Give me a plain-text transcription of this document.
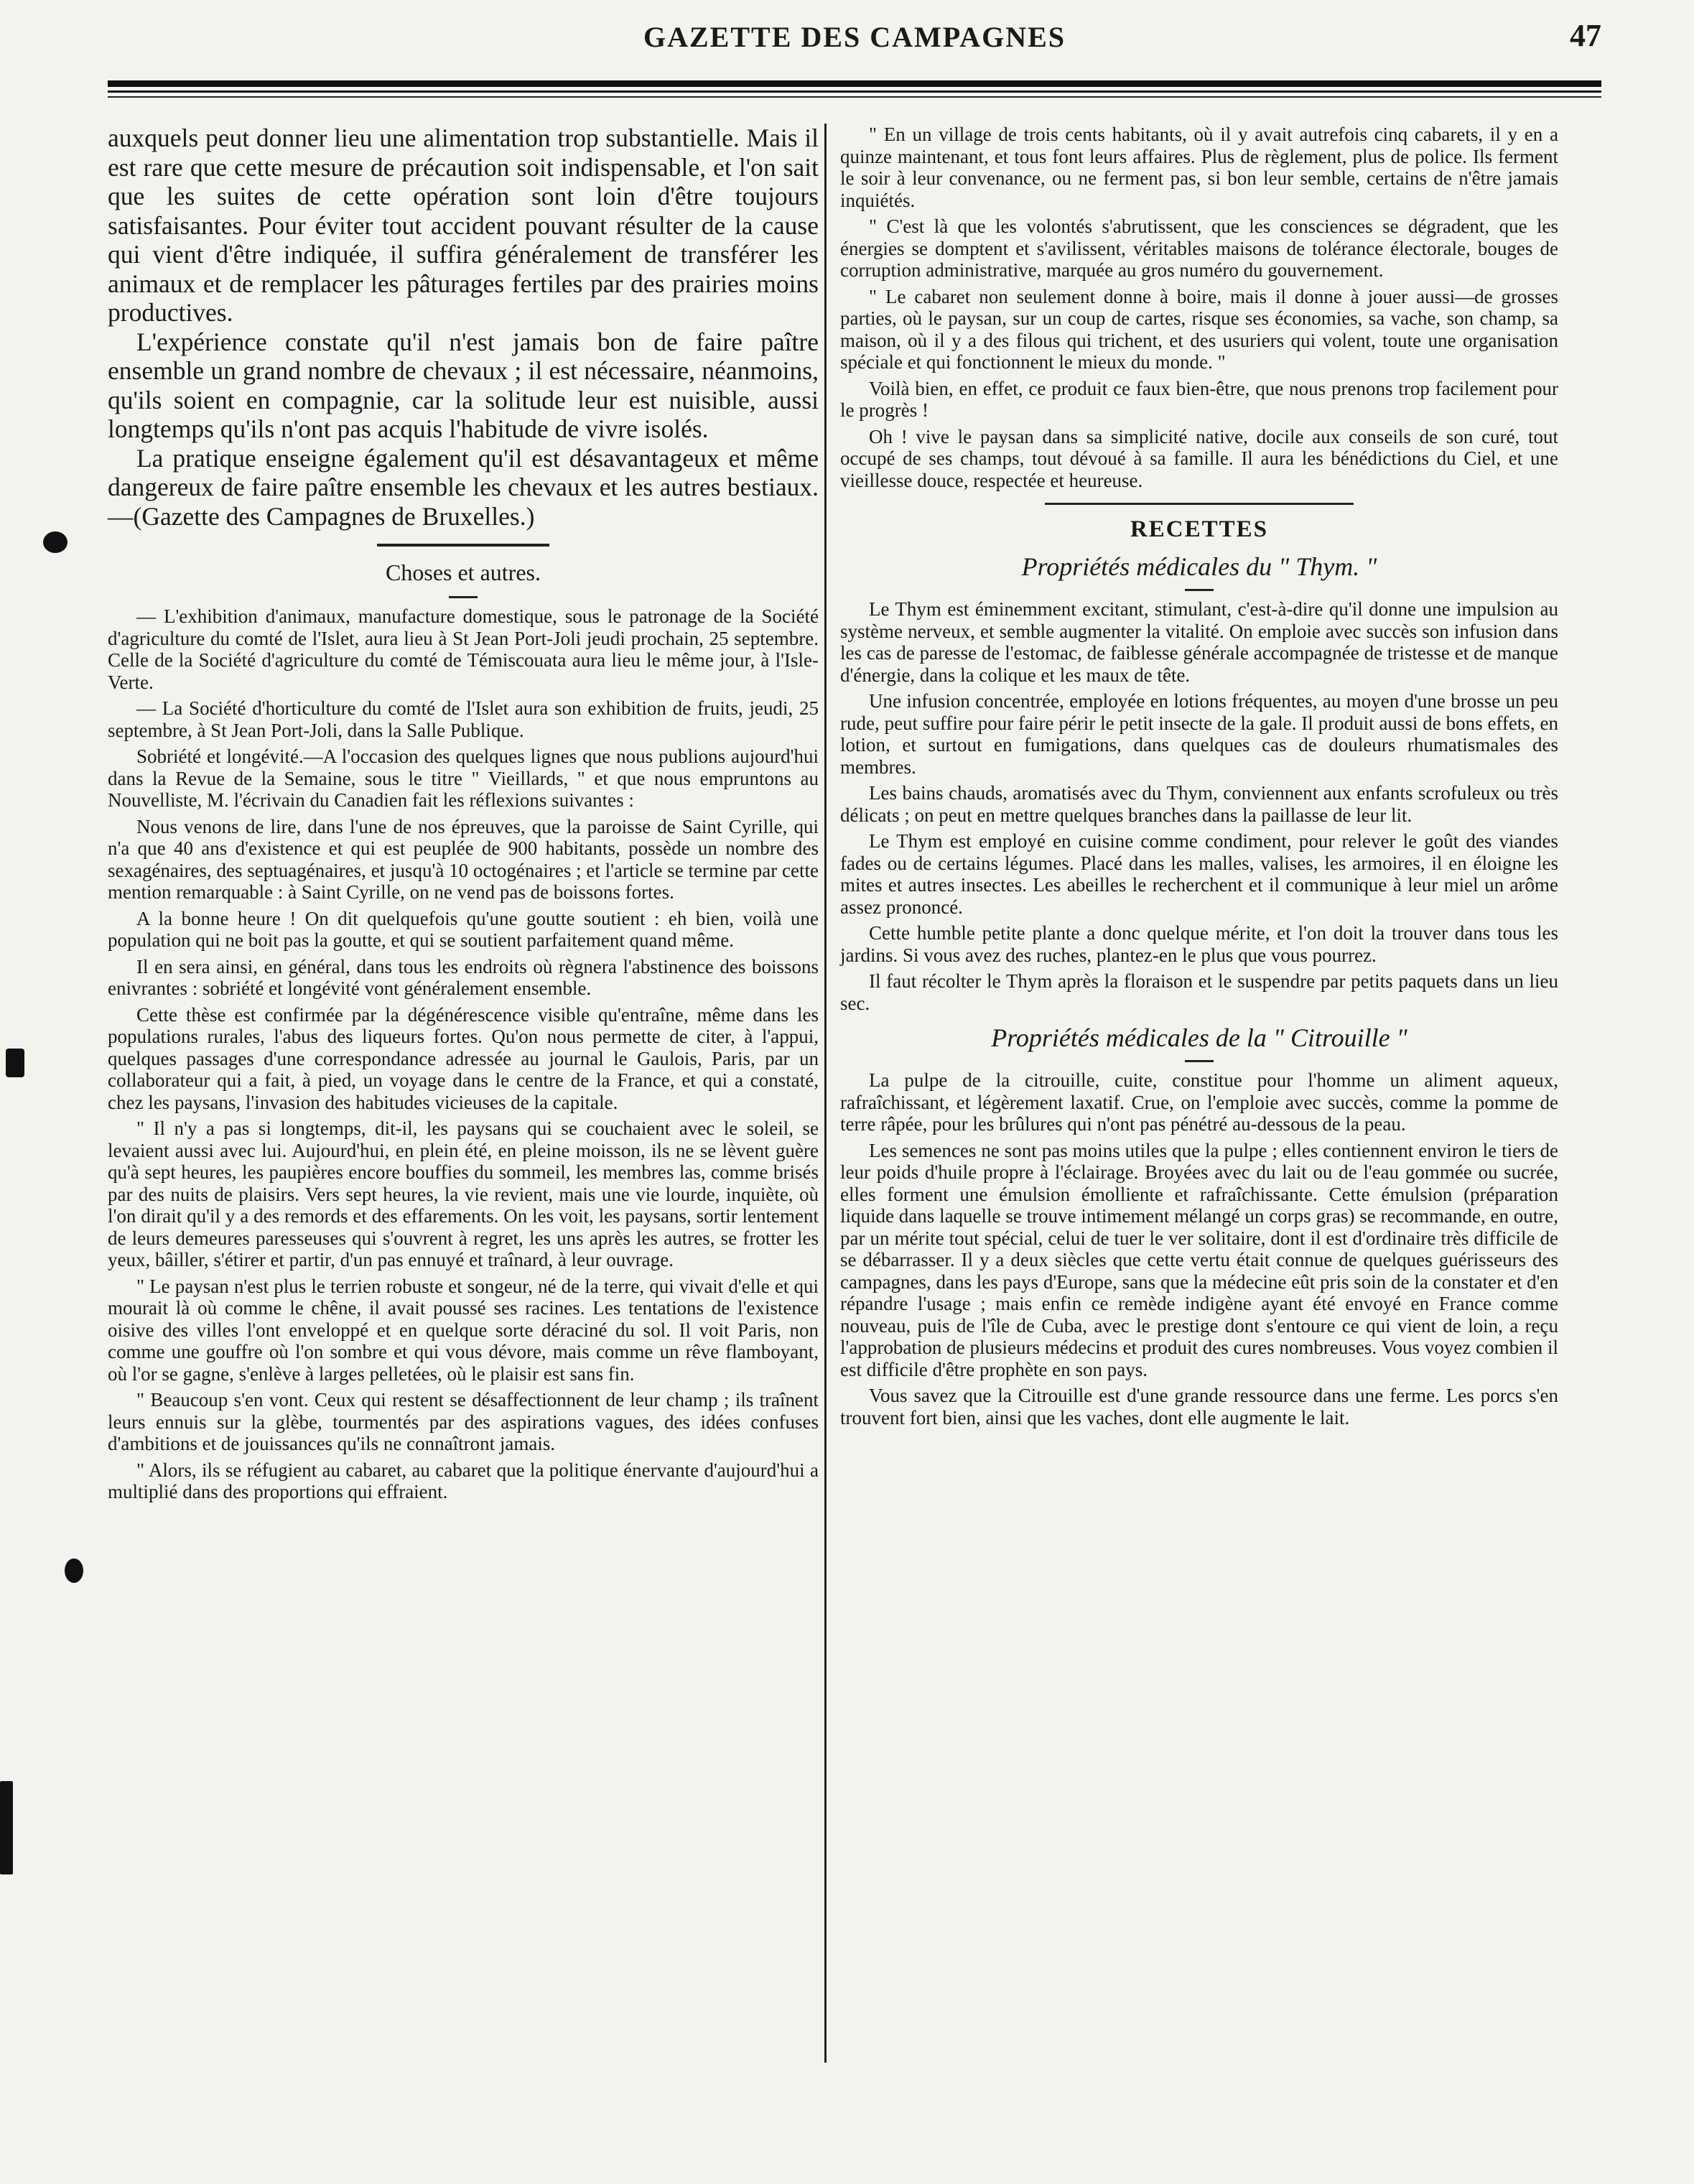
GAZETTE DES CAMPAGNES	47

auxquels peut donner lieu une alimentation trop substantielle. Mais il est rare que cette mesure de précaution soit indispensable, et l'on sait que les suites de cette opération sont loin d'être toujours satisfaisantes. Pour éviter tout accident pouvant résulter de la cause qui vient d'être indiquée, il suffira généralement de transférer les animaux et de remplacer les pâturages fertiles par des prairies moins productives.

L'expérience constate qu'il n'est jamais bon de faire paître ensemble un grand nombre de chevaux ; il est nécessaire, néanmoins, qu'ils soient en compagnie, car la solitude leur est nuisible, aussi longtemps qu'ils n'ont pas acquis l'habitude de vivre isolés.

La pratique enseigne également qu'il est désavantageux et même dangereux de faire paître ensemble les chevaux et les autres bestiaux.—(Gazette des Campagnes de Bruxelles.)

Choses et autres.

— L'exhibition d'animaux, manufacture domestique, sous le patronage de la Société d'agriculture du comté de l'Islet, aura lieu à St Jean Port-Joli jeudi prochain, 25 septembre. Celle de la Société d'agriculture du comté de Témiscouata aura lieu le même jour, à l'Isle-Verte.

— La Société d'horticulture du comté de l'Islet aura son exhibition de fruits, jeudi, 25 septembre, à St Jean Port-Joli, dans la Salle Publique.

Sobriété et longévité.—A l'occasion des quelques lignes que nous publions aujourd'hui dans la Revue de la Semaine, sous le titre " Vieillards, " et que nous empruntons au Nouvelliste, M. l'écrivain du Canadien fait les réflexions suivantes :

Nous venons de lire, dans l'une de nos épreuves, que la paroisse de Saint Cyrille, qui n'a que 40 ans d'existence et qui est peuplée de 900 habitants, possède un nombre des sexagénaires, des septuagénaires, et jusqu'à 10 octogénaires ; et l'article se termine par cette mention remarquable : à Saint Cyrille, on ne vend pas de boissons fortes.

A la bonne heure ! On dit quelquefois qu'une goutte soutient : eh bien, voilà une population qui ne boit pas la goutte, et qui se soutient parfaitement quand même.

Il en sera ainsi, en général, dans tous les endroits où règnera l'abstinence des boissons enivrantes : sobriété et longévité vont généralement ensemble.

Cette thèse est confirmée par la dégénérescence visible qu'entraîne, même dans les populations rurales, l'abus des liqueurs fortes. Qu'on nous permette de citer, à l'appui, quelques passages d'une correspondance adressée au journal le Gaulois, Paris, par un collaborateur qui a fait, à pied, un voyage dans le centre de la France, et qui a constaté, chez les paysans, l'invasion des habitudes vicieuses de la capitale.

" Il n'y a pas si longtemps, dit-il, les paysans qui se couchaient avec le soleil, se levaient aussi avec lui. Aujourd'hui, en plein été, en pleine moisson, ils ne se lèvent guère qu'à sept heures, les paupières encore bouffies du sommeil, les membres las, comme brisés par des nuits de plaisirs. Vers sept heures, la vie revient, mais une vie lourde, inquiète, où l'on dirait qu'il y a des remords et des effarements. On les voit, les paysans, sortir lentement de leurs demeures paresseuses qui s'ouvrent à regret, les uns après les autres, se frotter les yeux, bâiller, s'étirer et partir, d'un pas ennuyé et traînard, à leur ouvrage.

" Le paysan n'est plus le terrien robuste et songeur, né de la terre, qui vivait d'elle et qui mourait là où comme le chêne, il avait poussé ses racines. Les tentations de l'existence oisive des villes l'ont enveloppé et en quelque sorte déraciné du sol. Il voit Paris, non comme une gouffre où l'on sombre et qui vous dévore, mais comme un rêve flamboyant, où l'or se gagne, s'enlève à larges pelletées, où le plaisir est sans fin.

" Beaucoup s'en vont. Ceux qui restent se désaffectionnent de leur champ ; ils traînent leurs ennuis sur la glèbe, tourmentés par des aspirations vagues, des idées confuses d'ambitions et de jouissances qu'ils ne connaîtront jamais.

" Alors, ils se réfugient au cabaret, au cabaret que la politique énervante d'aujourd'hui a multiplié dans des proportions qui effraient.

" En un village de trois cents habitants, où il y avait autrefois cinq cabarets, il y en a quinze maintenant, et tous font leurs affaires. Plus de règlement, plus de police. Ils ferment le soir à leur convenance, ou ne ferment pas, si bon leur semble, certains de n'être jamais inquiétés.

" C'est là que les volontés s'abrutissent, que les consciences se dégradent, que les énergies se domptent et s'avilissent, véritables maisons de tolérance électorale, bouges de corruption administrative, marquée au gros numéro du gouvernement.

" Le cabaret non seulement donne à boire, mais il donne à jouer aussi—de grosses parties, où le paysan, sur un coup de cartes, risque ses économies, sa vache, son champ, sa maison, où il y a des filous qui trichent, et des usuriers qui volent, toute une organisation spéciale et qui fonctionnent le mieux du monde. "

Voilà bien, en effet, ce produit ce faux bien-être, que nous prenons trop facilement pour le progrès !

Oh ! vive le paysan dans sa simplicité native, docile aux conseils de son curé, tout occupé de ses champs, tout dévoué à sa famille. Il aura les bénédictions du Ciel, et une vieillesse douce, respectée et heureuse.

RECETTES
Propriétés médicales du " Thym. "

Le Thym est éminemment excitant, stimulant, c'est-à-dire qu'il donne une impulsion au système nerveux, et semble augmenter la vitalité. On emploie avec succès son infusion dans les cas de paresse de l'estomac, de faiblesse générale accompagnée de tristesse et de manque d'énergie, dans la colique et les maux de tête.

Une infusion concentrée, employée en lotions fréquentes, au moyen d'une brosse un peu rude, peut suffire pour faire périr le petit insecte de la gale. Il produit aussi de bons effets, en lotion, et surtout en fumigations, dans quelques cas de douleurs rhumatismales des membres.

Les bains chauds, aromatisés avec du Thym, conviennent aux enfants scrofuleux ou très délicats ; on peut en mettre quelques branches dans la paillasse de leur lit.

Le Thym est employé en cuisine comme condiment, pour relever le goût des viandes fades ou de certains légumes. Placé dans les malles, valises, les armoires, il en éloigne les mites et autres insectes. Les abeilles le recherchent et il communique à leur miel un arôme assez prononcé.

Cette humble petite plante a donc quelque mérite, et l'on doit la trouver dans tous les jardins. Si vous avez des ruches, plantez-en le plus que vous pourrez.

Il faut récolter le Thym après la floraison et le suspendre par petits paquets dans un lieu sec.

Propriétés médicales de la " Citrouille "

La pulpe de la citrouille, cuite, constitue pour l'homme un aliment aqueux, rafraîchissant, et légèrement laxatif. Crue, on l'emploie avec succès, comme la pomme de terre râpée, pour les brûlures qui n'ont pas pénétré au-dessous de la peau.

Les semences ne sont pas moins utiles que la pulpe ; elles contiennent environ le tiers de leur poids d'huile propre à l'éclairage. Broyées avec du lait ou de l'eau gommée ou sucrée, elles forment une émulsion émolliente et rafraîchissante. Cette émulsion (préparation liquide dans laquelle se trouve intimement mélangé un corps gras) se recommande, en outre, par un mérite tout spécial, celui de tuer le ver solitaire, dont il est d'ordinaire très difficile de se débarrasser. Il y a deux siècles que cette vertu était connue de quelques guérisseurs des campagnes, dans les pays d'Europe, sans que la médecine eût pris soin de la constater et d'en répandre l'usage ; mais enfin ce remède indigène ayant été envoyé en France comme nouveau, puis de l'île de Cuba, avec le prestige dont s'entoure ce qui vient de loin, a reçu l'approbation de plusieurs médecins et produit des cures nombreuses. Vous voyez combien il est difficile d'être prophète en son pays.

Vous savez que la Citrouille est d'une grande ressource dans une ferme. Les porcs s'en trouvent fort bien, ainsi que les vaches, dont elle augmente le lait.
